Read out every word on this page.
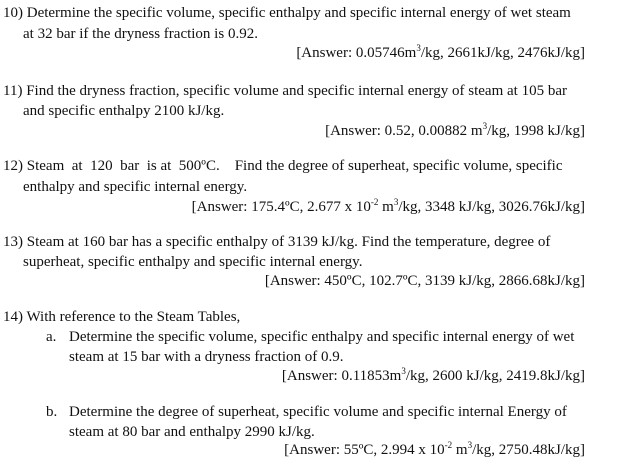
10) Determine the specific volume, specific enthalpy and specific internal energy of wet steam
at 32 bar if the dryness fraction is 0.92.
[Answer: $0.05746m^3/kg$, 2661kJ/kg, 2476kJ/kg]
11) Find the dryness fraction, specific volume and specific internal energy of steam at 105 bar
and specific enthalpy 2100 kJ/kg.
[Answer: 0.52, 0.00882 $m^3/kg$, 1998 kJ/kg]
12) Steam  at  120  bar  is at  500ºC.    Find the degree of superheat, specific volume, specific
enthalpy and specific internal energy.
[Answer: 175.4ºC, 2.677 x $10^{-2}$ $m^3/kg$, 3348 kJ/kg, 3026.76kJ/kg]
13) Steam at 160 bar has a specific enthalpy of 3139 kJ/kg. Find the temperature, degree of
superheat, specific enthalpy and specific internal energy.
[Answer: 450ºC, 102.7ºC, 3139 kJ/kg, 2866.68kJ/kg]
14) With reference to the Steam Tables,
a. Determine the specific volume, specific enthalpy and specific internal energy of wet
steam at 15 bar with a dryness fraction of 0.9.
[Answer: $0.11853m^3/kg$, 2600 kJ/kg, 2419.8kJ/kg]
b. Determine the degree of superheat, specific volume and specific internal Energy of
steam at 80 bar and enthalpy 2990 kJ/kg.
[Answer: 55ºC, 2.994 x $10^{-2}$ $m^3/kg$, 2750.48kJ/kg]
